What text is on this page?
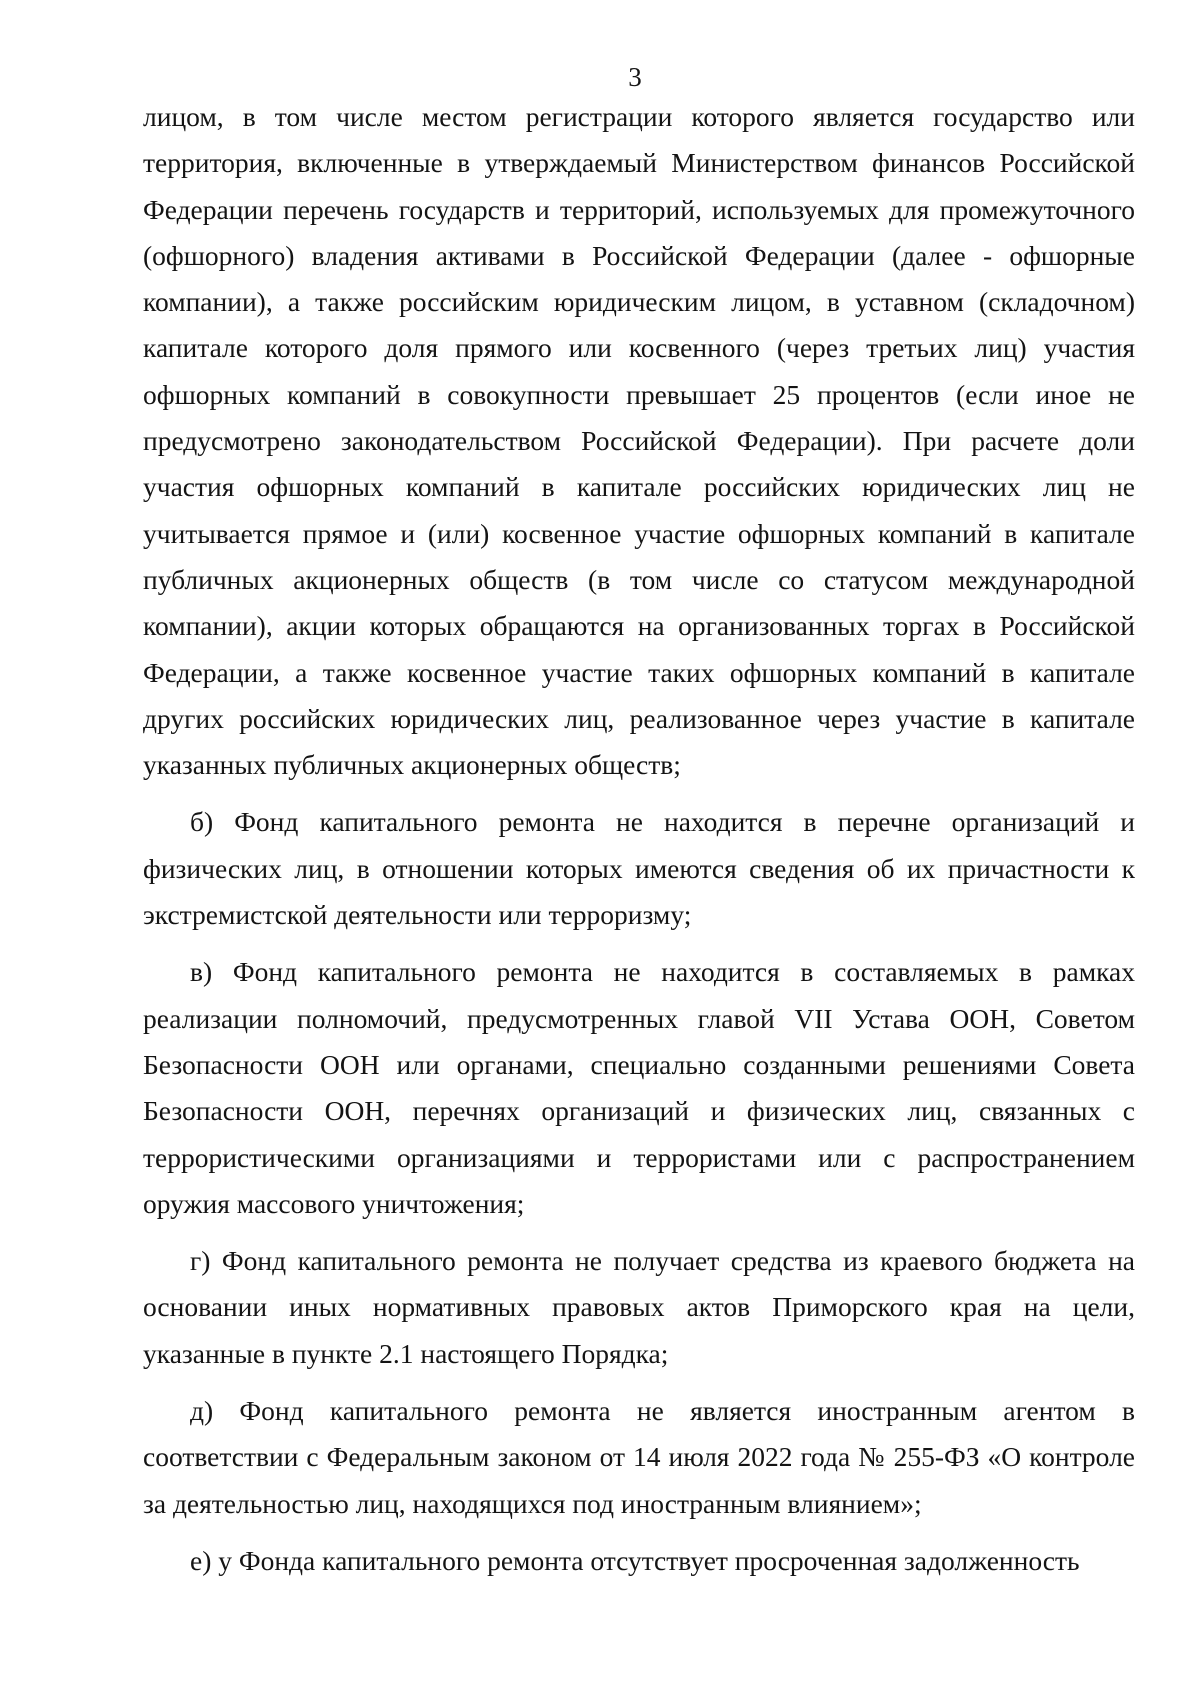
3

лицом, в том числе местом регистрации которого является государство или территория, включенные в утверждаемый Министерством финансов Российской Федерации перечень государств и территорий, используемых для промежуточного (офшорного) владения активами в Российской Федерации (далее - офшорные компании), а также российским юридическим лицом, в уставном (складочном) капитале которого доля прямого или косвенного (через третьих лиц) участия офшорных компаний в совокупности превышает 25 процентов (если иное не предусмотрено законодательством Российской Федерации). При расчете доли участия офшорных компаний в капитале российских юридических лиц не учитывается прямое и (или) косвенное участие офшорных компаний в капитале публичных акционерных обществ (в том числе со статусом международной компании), акции которых обращаются на организованных торгах в Российской Федерации, а также косвенное участие таких офшорных компаний в капитале других российских юридических лиц, реализованное через участие в капитале указанных публичных акционерных обществ;

б) Фонд капитального ремонта не находится в перечне организаций и физических лиц, в отношении которых имеются сведения об их причастности к экстремистской деятельности или терроризму;

в) Фонд капитального ремонта не находится в составляемых в рамках реализации полномочий, предусмотренных главой VII Устава ООН, Советом Безопасности ООН или органами, специально созданными решениями Совета Безопасности ООН, перечнях организаций и физических лиц, связанных с террористическими организациями и террористами или с распространением оружия массового уничтожения;

г) Фонд капитального ремонта не получает средства из краевого бюджета на основании иных нормативных правовых актов Приморского края на цели, указанные в пункте 2.1 настоящего Порядка;

д) Фонд капитального ремонта не является иностранным агентом в соответствии с Федеральным законом от 14 июля 2022 года № 255-ФЗ «О контроле за деятельностью лиц, находящихся под иностранным влиянием»;

е) у Фонда капитального ремонта отсутствует просроченная задолженность
